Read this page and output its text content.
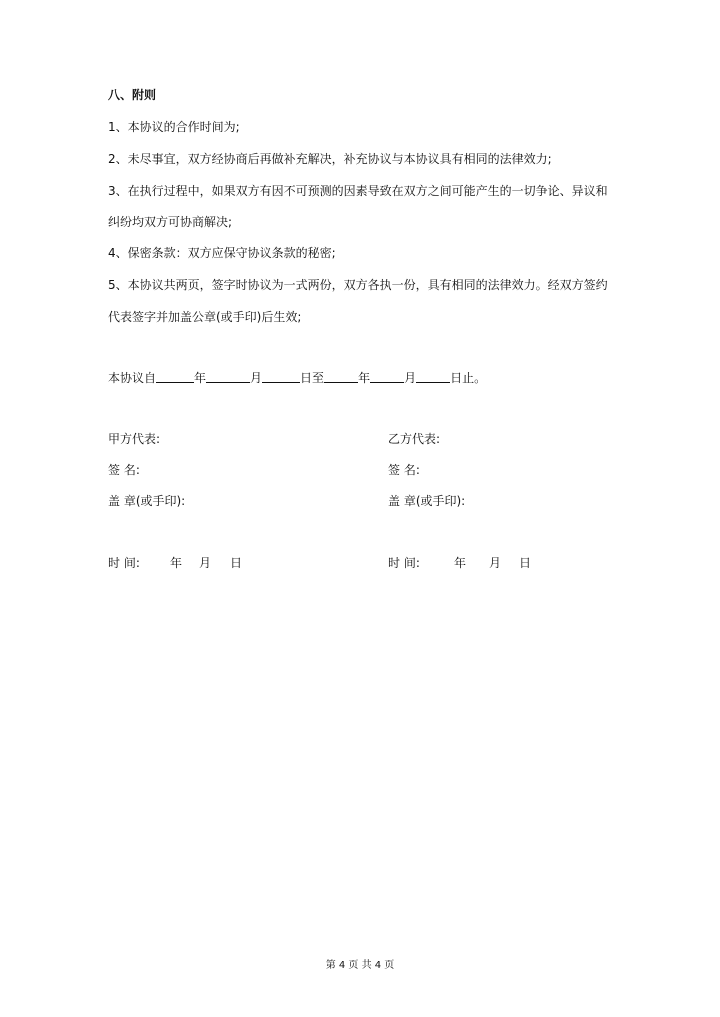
八、附则
1、本协议的合作时间为;
2、未尽事宜，双方经协商后再做补充解决，补充协议与本协议具有相同的法律效力;
3、在执行过程中，如果双方有因不可预测的因素导致在双方之间可能产生的一切争论、异议和
纠纷均双方可协商解决;
4、保密条款：双方应保守协议条款的秘密;
5、本协议共两页，签字时协议为一式两份，双方各执一份，具有相同的法律效力。经双方签约
代表签字并加盖公章(或手印)后生效;
本协议自	年	月	日至	年	月	日止。
甲方代表:
签 名:
盖 章(或手印):
时 间:	年 月 日
乙方代表:
签 名:
盖 章(或手印):
时 间:	年 月 日
第 4 页 共 4 页
